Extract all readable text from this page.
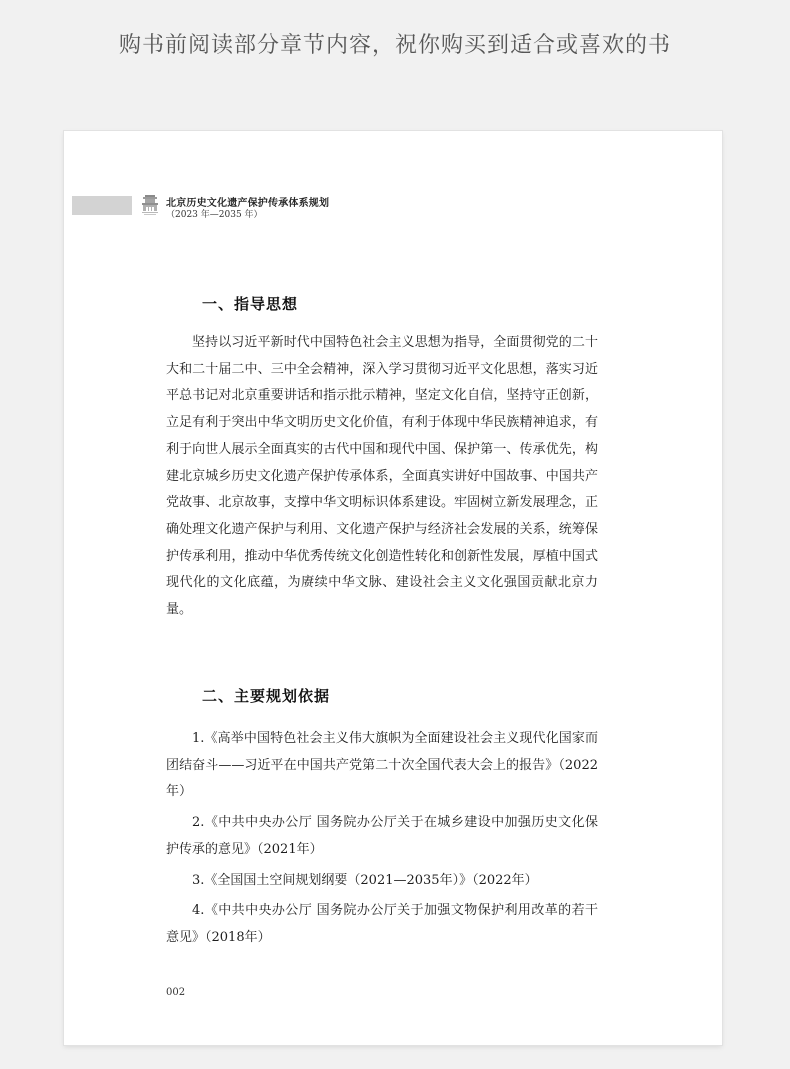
购书前阅读部分章节内容，祝你购买到适合或喜欢的书
北京历史文化遗产保护传承体系规划
（2023 年—2035 年）
一、指导思想

坚持以习近平新时代中国特色社会主义思想为指导，全面贯彻党的二十大和二十届二中、三中全会精神，深入学习贯彻习近平文化思想，落实习近平总书记对北京重要讲话和指示批示精神，坚定文化自信，坚持守正创新，立足有利于突出中华文明历史文化价值，有利于体现中华民族精神追求，有利于向世人展示全面真实的古代中国和现代中国、保护第一、传承优先，构建北京城乡历史文化遗产保护传承体系，全面真实讲好中国故事、中国共产党故事、北京故事，支撑中华文明标识体系建设。牢固树立新发展理念，正确处理文化遗产保护与利用、文化遗产保护与经济社会发展的关系，统筹保护传承利用，推动中华优秀传统文化创造性转化和创新性发展，厚植中国式现代化的文化底蕴，为赓续中华文脉、建设社会主义文化强国贡献北京力量。

二、主要规划依据

1.《高举中国特色社会主义伟大旗帜为全面建设社会主义现代化国家而团结奋斗——习近平在中国共产党第二十次全国代表大会上的报告》（2022年）

2.《中共中央办公厅 国务院办公厅关于在城乡建设中加强历史文化保护传承的意见》（2021年）

3.《全国国土空间规划纲要（2021—2035年）》（2022年）

4.《中共中央办公厅 国务院办公厅关于加强文物保护利用改革的若干意见》（2018年）

002
